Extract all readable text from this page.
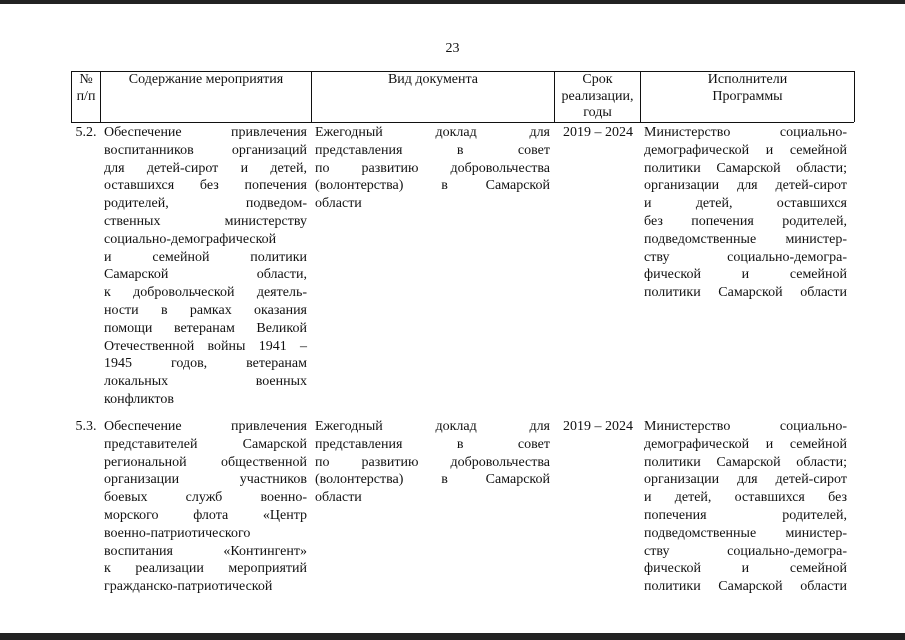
23
№
п/п
Содержание мероприятия	Вид документа	Срок
реализации,
годы
Исполнители
Программы
5.2. Обеспечение привлечения
воспитанников организаций
для детей-сирот и детей,
оставшихся без попечения
родителей, подведом-
ственных министерству
социально-демографической
и семейной политики
Самарской области,
к добровольческой деятель-
ности в рамках оказания
помощи ветеранам Великой
Отечественной войны 1941 –
1945 годов, ветеранам
локальных военных
конфликтов
Ежегодный доклад для
представления в совет
по развитию добровольчества
(волонтерства) в Самарской
области
2019 – 2024 Министерство социально-
демографической и семейной
политики Самарской области;
организации для детей-сирот
и детей, оставшихся
без попечения родителей,
подведомственные министер-
ству социально-демогра-
фической и семейной
политики Самарской области
5.3. Обеспечение привлечения
представителей Самарской
региональной общественной
организации участников
боевых служб военно-
морского флота «Центр
военно-патриотического
воспитания «Контингент»
к реализации мероприятий
гражданско-патриотической
Ежегодный доклад для
представления в совет
по развитию добровольчества
(волонтерства) в Самарской
области
2019 – 2024 Министерство социально-
демографической и семейной
политики Самарской области;
организации для детей-сирот
и детей, оставшихся без
попечения родителей,
подведомственные министер-
ству социально-демогра-
фической и семейной
политики Самарской области
